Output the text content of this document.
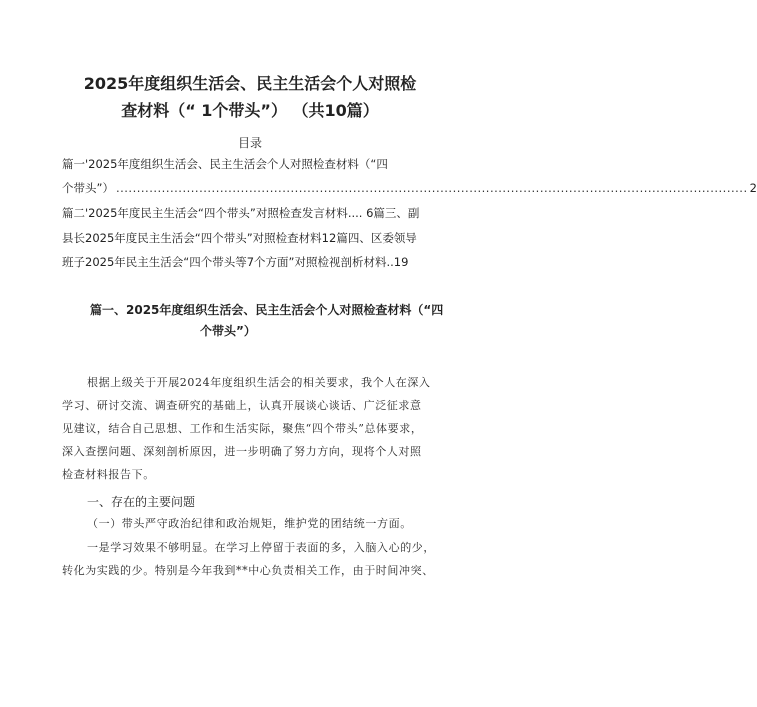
2025年度组织生活会、民主生活会个人对照检
查材料（“ 1个带头”） （共10篇）
目录
篇一'2025年度组织生活会、民主生活会个人对照检查材料（“四
个带头”） ........................................................................................................................................................ 2
篇二'2025年度民主生活会“四个带头”对照检查发言材料.... 6篇三、副
县长2025年度民主生活会“四个带头”对照检查材料12篇四、区委领导
班子2025年民主生活会“四个带头等7个方面”对照检视剖析材料..19
篇一、2025年度组织生活会、民主生活会个人对照检查材料（“四
个带头”）
根据上级关于开展2024年度组织生活会的相关要求，我个人在深入
学习、研讨交流、调查研究的基础上，认真开展谈心谈话、广泛征求意
见建议，结合自己思想、工作和生活实际，聚焦“四个带头”总体要求，
深入查摆问题、深刻剖析原因，进一步明确了努力方向，现将个人对照
检查材料报告下。
一、存在的主要问题
（一）带头严守政治纪律和政治规矩，维护党的团结统一方面。
一是学习效果不够明显。在学习上停留于表面的多，入脑入心的少，
转化为实践的少。特别是今年我到**中心负责相关工作，由于时间冲突、
